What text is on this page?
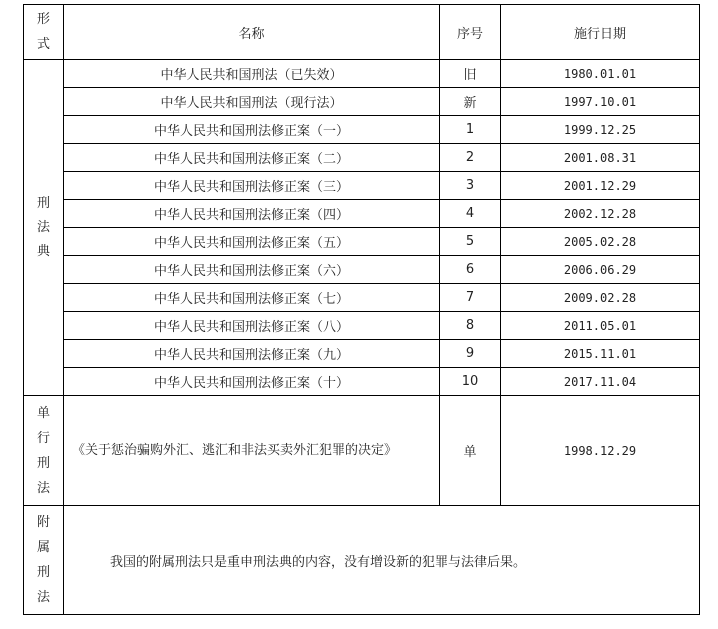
形
式	名称	序号	施行日期

刑
法
典	中华人民共和国刑法（已失效）	旧	1980.01.01
	中华人民共和国刑法（现行法）	新	1997.10.01
	中华人民共和国刑法修正案（一）	1	1999.12.25
	中华人民共和国刑法修正案（二）	2	2001.08.31
	中华人民共和国刑法修正案（三）	3	2001.12.29
	中华人民共和国刑法修正案（四）	4	2002.12.28
	中华人民共和国刑法修正案（五）	5	2005.02.28
	中华人民共和国刑法修正案（六）	6	2006.06.29
	中华人民共和国刑法修正案（七）	7	2009.02.28
	中华人民共和国刑法修正案（八）	8	2011.05.01
	中华人民共和国刑法修正案（九）	9	2015.11.01
	中华人民共和国刑法修正案（十）	10	2017.11.04

单
行
刑
法	《关于惩治骗购外汇、逃汇和非法买卖外汇犯罪的决定》	单	1998.12.29

附
属
刑
法	我国的附属刑法只是重申刑法典的内容，没有增设新的犯罪与法律后果。		
